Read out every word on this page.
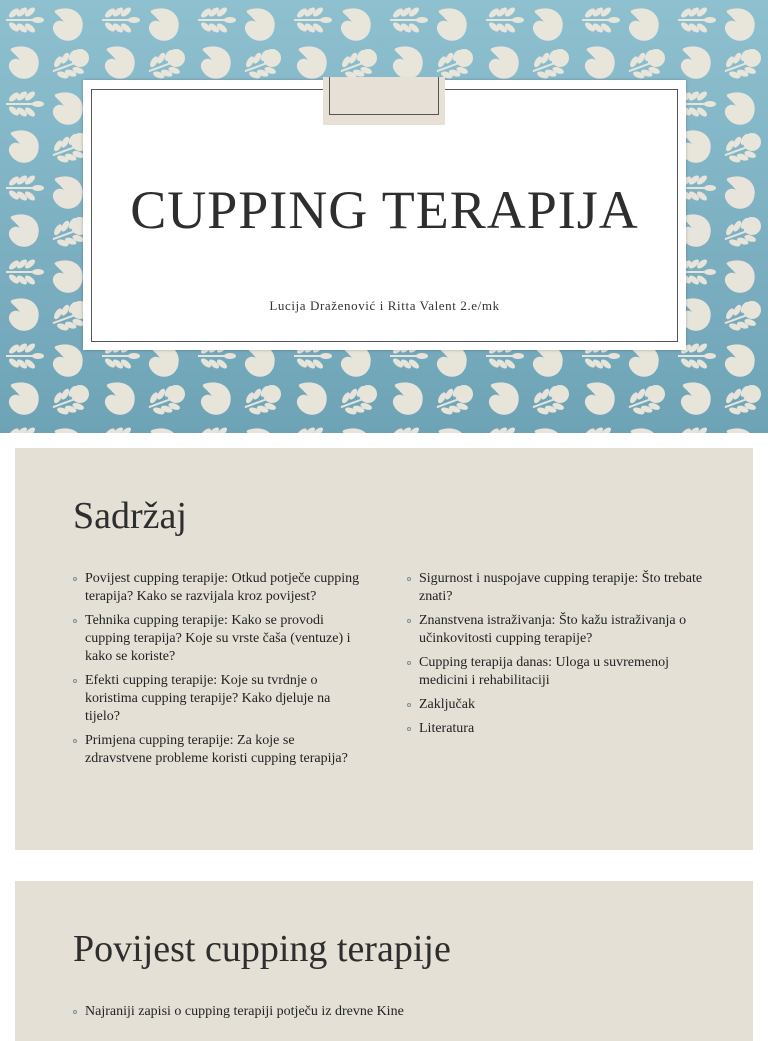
CUPPING TERAPIJA
Lucija Draženović i Ritta Valent 2.e/mk
Sadržaj
Povijest cupping terapije: Otkud potječe cupping terapija? Kako se razvijala kroz povijest?
Tehnika cupping terapije: Kako se provodi cupping terapija? Koje su vrste čaša (ventuze) i kako se koriste?
Efekti cupping terapije: Koje su tvrdnje o koristima cupping terapije? Kako djeluje na tijelo?
Primjena cupping terapije: Za koje se zdravstvene probleme koristi cupping terapija?
Sigurnost i nuspojave cupping terapije: Što trebate znati?
Znanstvena istraživanja: Što kažu istraživanja o učinkovitosti cupping terapije?
Cupping terapija danas: Uloga u suvremenoj medicini i rehabilitaciji
Zaključak
Literatura
Povijest cupping terapije
Najraniji zapisi o cupping terapiji potječu iz drevne Kine
